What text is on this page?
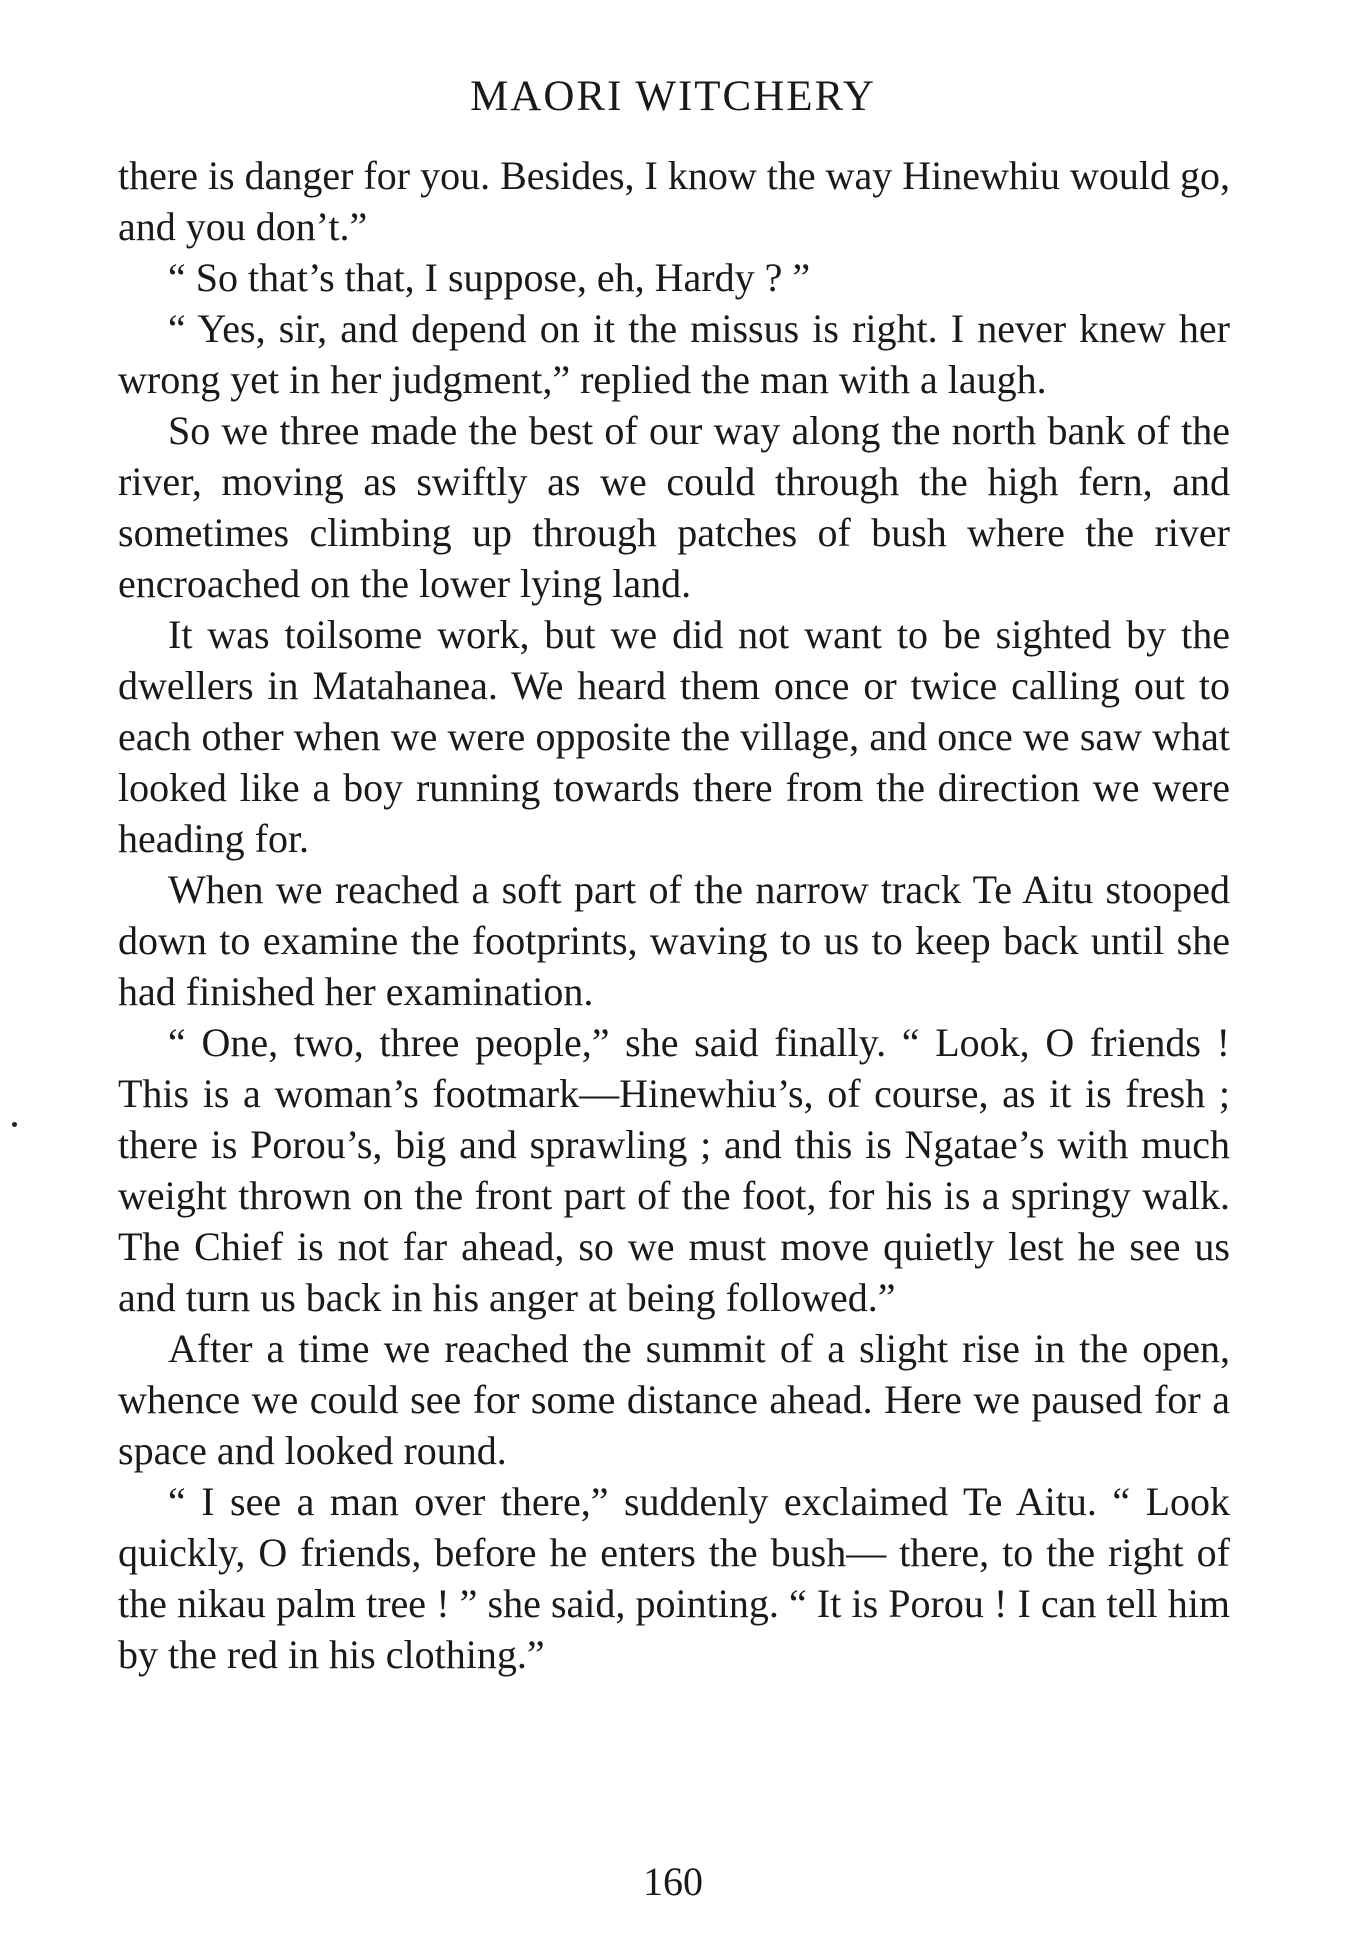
MAORI WITCHERY

there is danger for you. Besides, I know the way Hinewhiu would go, and you don’t.”

“ So that’s that, I suppose, eh, Hardy ? ”

“ Yes, sir, and depend on it the missus is right. I never knew her wrong yet in her judgment,” replied the man with a laugh.

So we three made the best of our way along the north bank of the river, moving as swiftly as we could through the high fern, and sometimes climbing up through patches of bush where the river encroached on the lower lying land.

It was toilsome work, but we did not want to be sighted by the dwellers in Matahanea. We heard them once or twice calling out to each other when we were opposite the village, and once we saw what looked like a boy running towards there from the direction we were heading for.

When we reached a soft part of the narrow track Te Aitu stooped down to examine the footprints, waving to us to keep back until she had finished her examination.

“ One, two, three people,” she said finally. “ Look, O friends ! This is a woman’s footmark—Hinewhiu’s, of course, as it is fresh ; there is Porou’s, big and sprawling ; and this is Ngatae’s with much weight thrown on the front part of the foot, for his is a springy walk. The Chief is not far ahead, so we must move quietly lest he see us and turn us back in his anger at being followed.”

After a time we reached the summit of a slight rise in the open, whence we could see for some distance ahead. Here we paused for a space and looked round.

“ I see a man over there,” suddenly exclaimed Te Aitu. “ Look quickly, O friends, before he enters the bush— there, to the right of the nikau palm tree ! ” she said, pointing. “ It is Porou ! I can tell him by the red in his clothing.”

160
